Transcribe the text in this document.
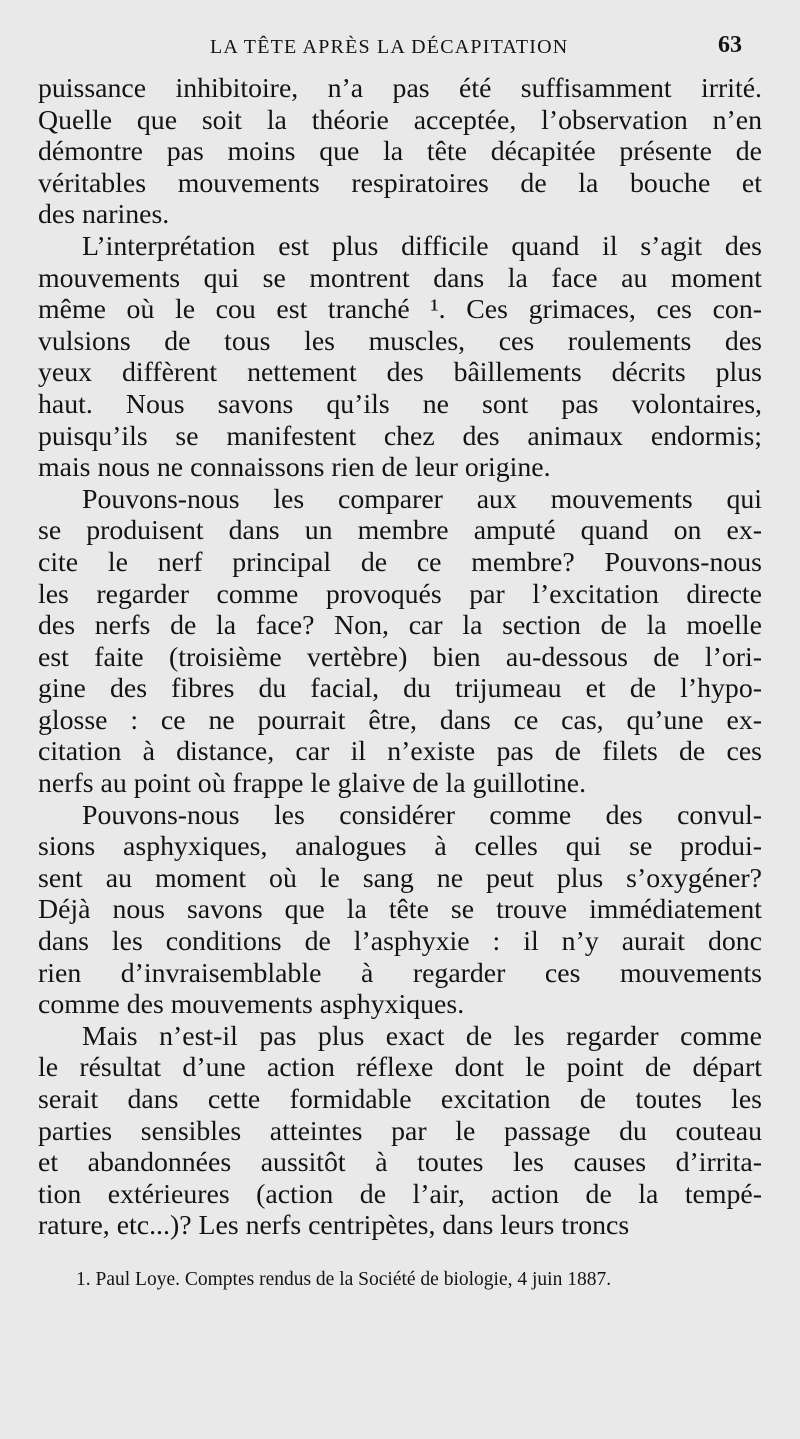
LA TÊTE APRÈS LA DÉCAPITATION	63

puissance inhibitoire, n’a pas été suffisamment irrité.
Quelle que soit la théorie acceptée, l’observation n’en
démontre pas moins que la tête décapitée présente de
véritables mouvements respiratoires de la bouche et
des narines.

L’interprétation est plus difficile quand il s’agit des
mouvements qui se montrent dans la face au moment
même où le cou est tranché ¹. Ces grimaces, ces con-
vulsions de tous les muscles, ces roulements des
yeux diffèrent nettement des bâillements décrits plus
haut. Nous savons qu’ils ne sont pas volontaires,
puisqu’ils se manifestent chez des animaux endormis;
mais nous ne connaissons rien de leur origine.

Pouvons-nous les comparer aux mouvements qui
se produisent dans un membre amputé quand on ex-
cite le nerf principal de ce membre? Pouvons-nous
les regarder comme provoqués par l’excitation directe
des nerfs de la face? Non, car la section de la moelle
est faite (troisième vertèbre) bien au-dessous de l’ori-
gine des fibres du facial, du trijumeau et de l’hypo-
glosse : ce ne pourrait être, dans ce cas, qu’une ex-
citation à distance, car il n’existe pas de filets de ces
nerfs au point où frappe le glaive de la guillotine.

Pouvons-nous les considérer comme des convul-
sions asphyxiques, analogues à celles qui se produi-
sent au moment où le sang ne peut plus s’oxygéner?
Déjà nous savons que la tête se trouve immédiatement
dans les conditions de l’asphyxie : il n’y aurait donc
rien d’invraisemblable à regarder ces mouvements
comme des mouvements asphyxiques.

Mais n’est-il pas plus exact de les regarder comme
le résultat d’une action réflexe dont le point de départ
serait dans cette formidable excitation de toutes les
parties sensibles atteintes par le passage du couteau
et abandonnées aussitôt à toutes les causes d’irrita-
tion extérieures (action de l’air, action de la tempé-
rature, etc...)? Les nerfs centripètes, dans leurs troncs

1. Paul Loye. Comptes rendus de la Société de biologie, 4 juin 1887.
